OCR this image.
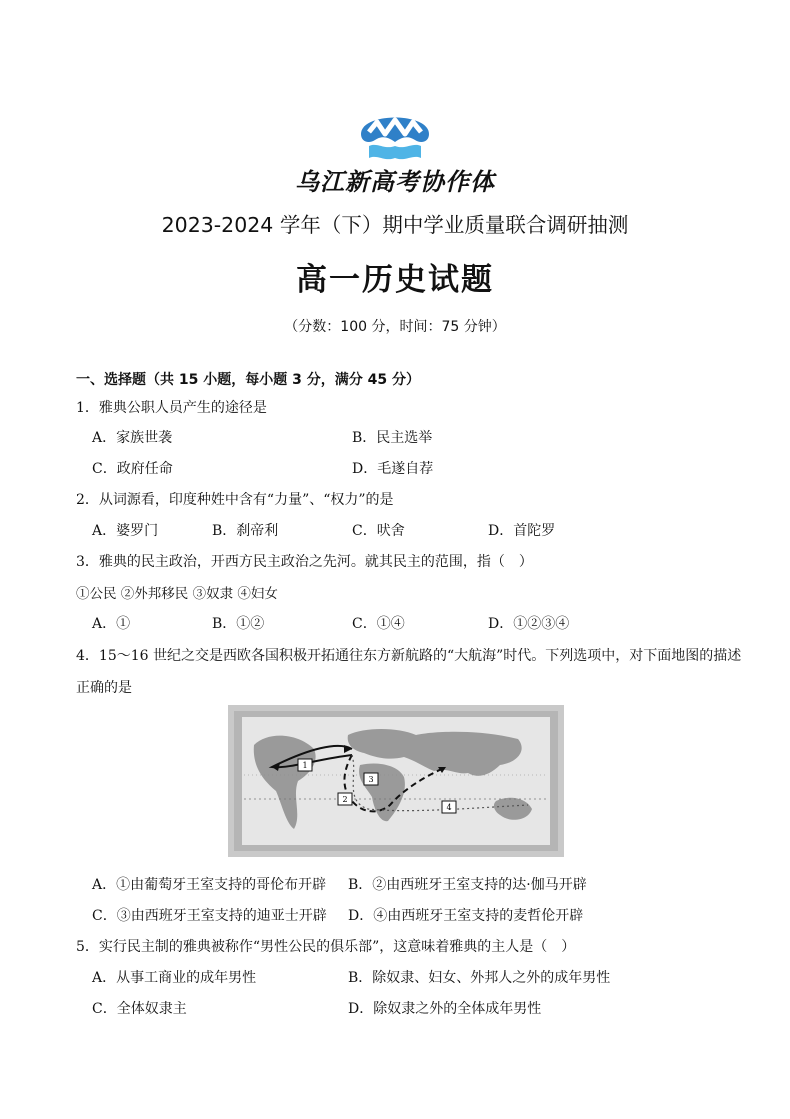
乌江新高考协作体
2023-2024 学年（下）期中学业质量联合调研抽测
高一历史试题
（分数：100 分，时间：75 分钟）
一、选择题（共 15 小题，每小题 3 分，满分 45 分）
1．雅典公职人员产生的途径是
A．家族世袭	B．民主选举
C．政府任命	D．毛遂自荐
2．从词源看，印度种姓中含有“力量”、“权力”的是
A．婆罗门	B．刹帝利	C．吠舍	D．首陀罗
3．雅典的民主政治，开西方民主政治之先河。就其民主的范围，指（　）
①公民 ②外邦移民 ③奴隶 ④妇女
A．①	B．①②	C．①④	D．①②③④
4．15～16 世纪之交是西欧各国积极开拓通往东方新航路的“大航海”时代。下列选项中，对下面地图的描述
正确的是
1
2
3
4
A．①由葡萄牙王室支持的哥伦布开辟 B．②由西班牙王室支持的达·伽马开辟
C．③由西班牙王室支持的迪亚士开辟 D．④由西班牙王室支持的麦哲伦开辟
5．实行民主制的雅典被称作“男性公民的俱乐部”，这意味着雅典的主人是（　）
A．从事工商业的成年男性	B．除奴隶、妇女、外邦人之外的成年男性
C．全体奴隶主	D．除奴隶之外的全体成年男性
